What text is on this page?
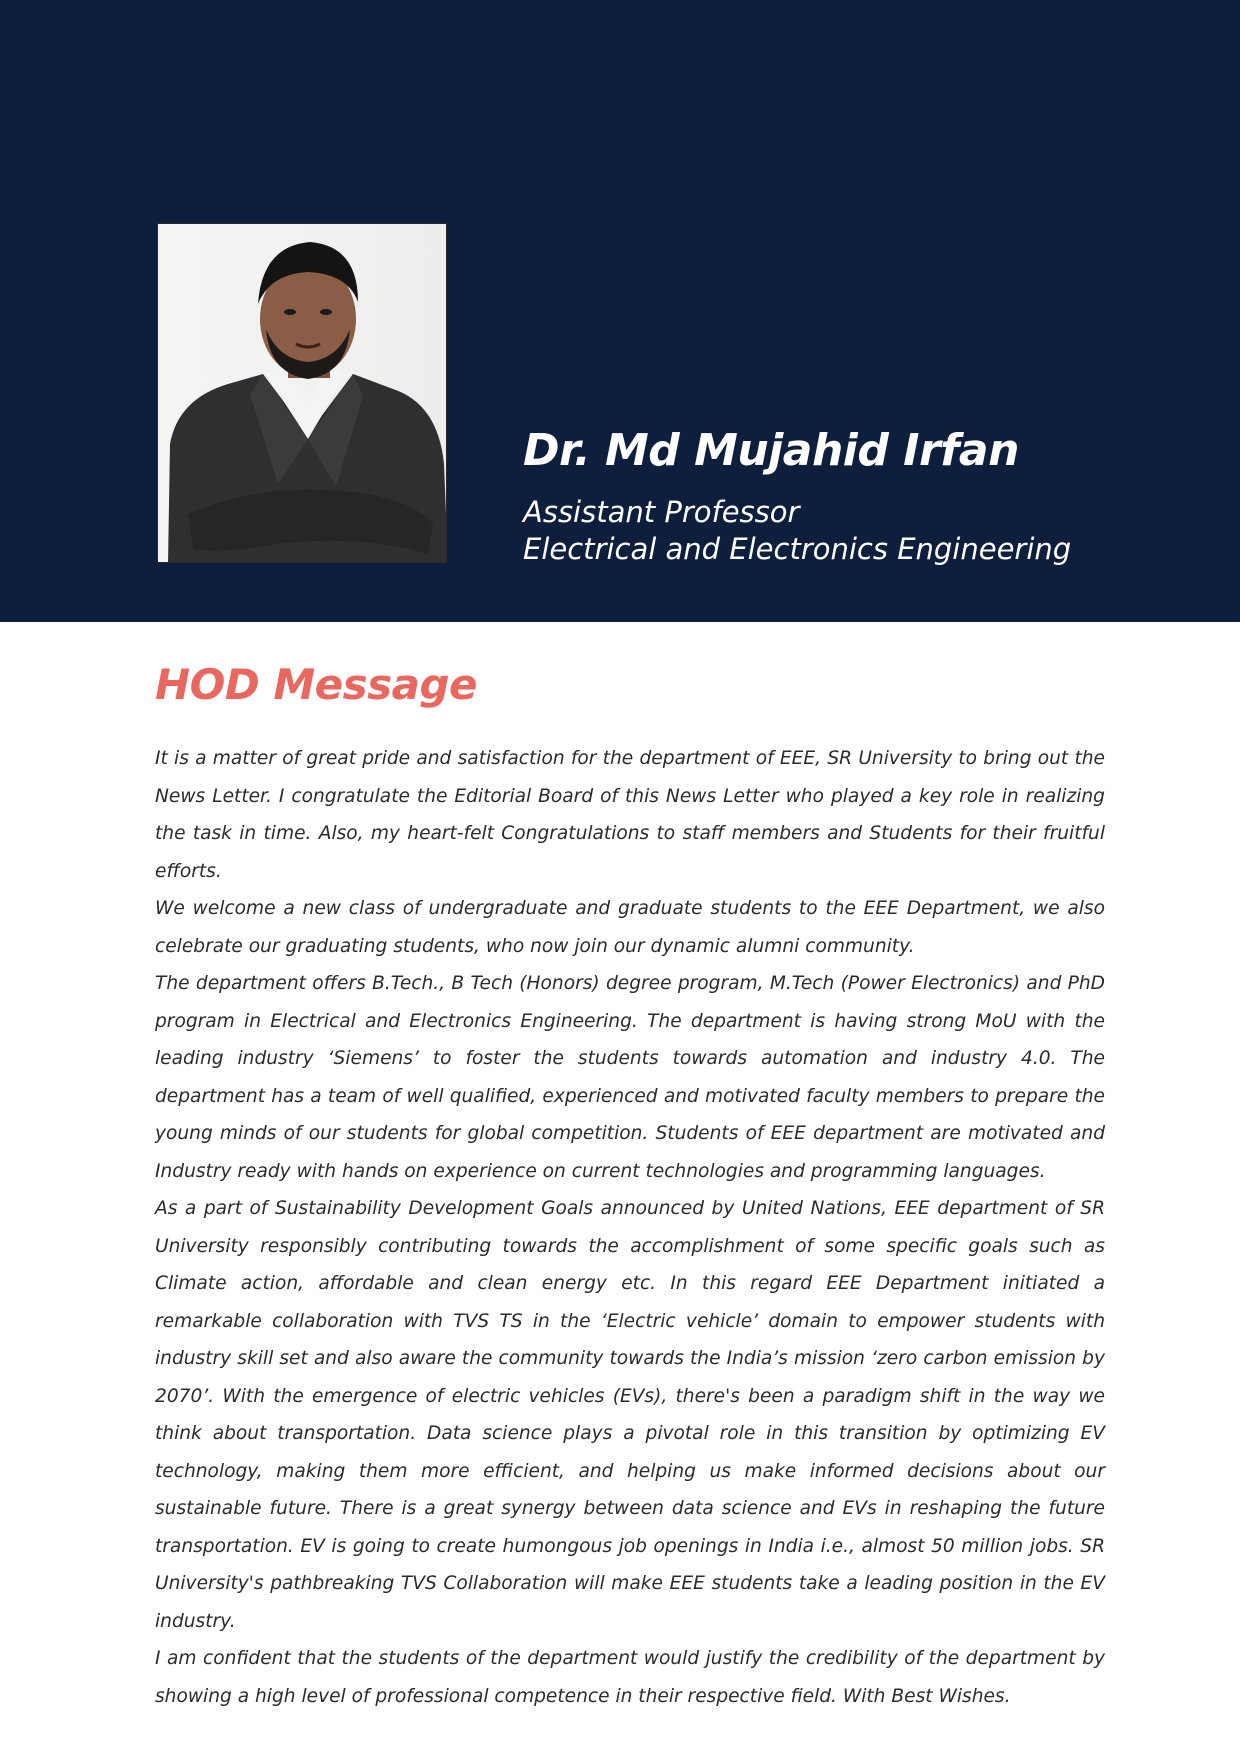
Dr. Md Mujahid Irfan
Assistant Professor
Electrical and Electronics Engineering
HOD Message

It is a matter of great pride and satisfaction for the department of EEE, SR University to bring out the News Letter. I congratulate the Editorial Board of this News Letter who played a key role in realizing the task in time. Also, my heart-felt Congratulations to staff members and Students for their fruitful efforts.

We welcome a new class of undergraduate and graduate students to the EEE Department, we also celebrate our graduating students, who now join our dynamic alumni community.

The department offers B.Tech., B Tech (Honors) degree program, M.Tech (Power Electronics) and PhD program in Electrical and Electronics Engineering. The department is having strong MoU with the leading industry ‘Siemens’ to foster the students towards automation and industry 4.0. The department has a team of well qualified, experienced and motivated faculty members to prepare the young minds of our students for global competition. Students of EEE department are motivated and Industry ready with hands on experience on current technologies and programming languages.

As a part of Sustainability Development Goals announced by United Nations, EEE department of SR University responsibly contributing towards the accomplishment of some specific goals such as Climate action, affordable and clean energy etc. In this regard EEE Department initiated a remarkable collaboration with TVS TS in the ‘Electric vehicle’ domain to empower students with industry skill set and also aware the community towards the India’s mission ‘zero carbon emission by 2070’. With the emergence of electric vehicles (EVs), there's been a paradigm shift in the way we think about transportation. Data science plays a pivotal role in this transition by optimizing EV technology, making them more efficient, and helping us make informed decisions about our sustainable future. There is a great synergy between data science and EVs in reshaping the future transportation. EV is going to create humongous job openings in India i.e., almost 50 million jobs. SR University's pathbreaking TVS Collaboration will make EEE students take a leading position in the EV industry.

I am confident that the students of the department would justify the credibility of the department by showing a high level of professional competence in their respective field. With Best Wishes.
